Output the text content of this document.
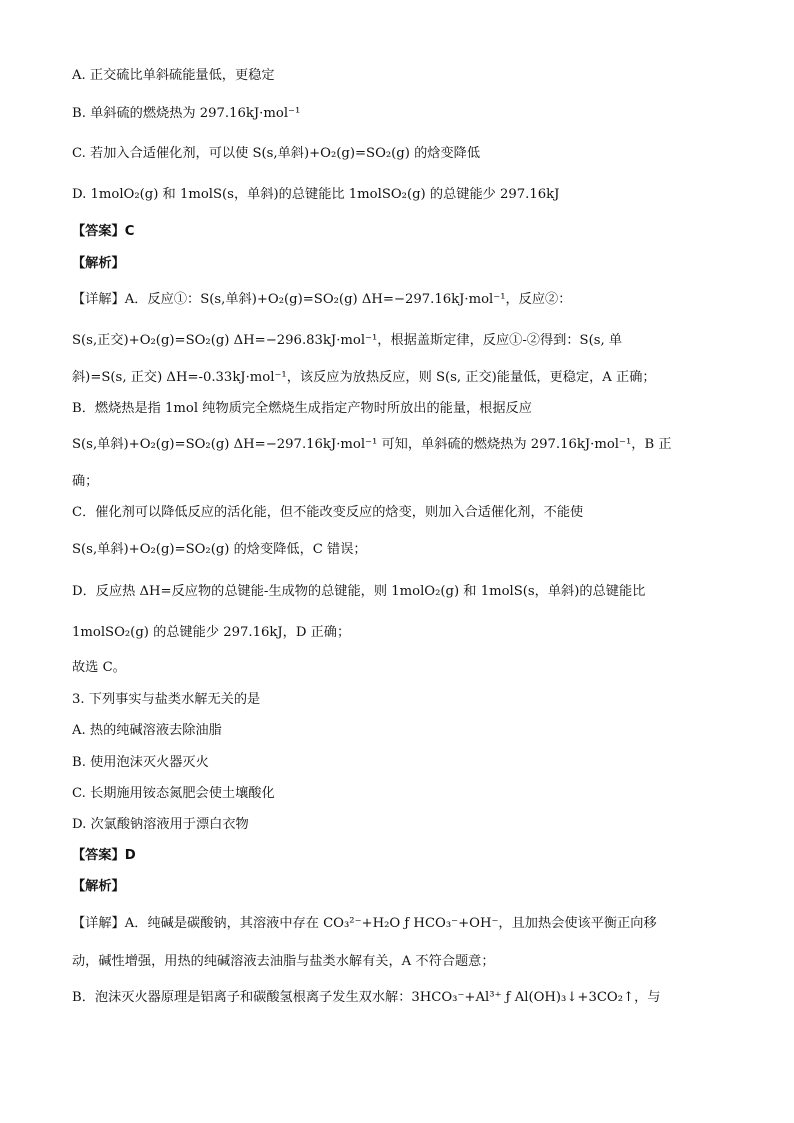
A. 正交硫比单斜硫能量低，更稳定
B. 单斜硫的燃烧热为 297.16kJ·mol⁻¹
C. 若加入合适催化剂，可以使 S(s,单斜)+O₂(g)=SO₂(g) 的焓变降低
D. 1molO₂(g) 和 1molS(s，单斜)的总键能比 1molSO₂(g) 的总键能少 297.16kJ
【答案】C
【解析】
【详解】A．反应①：S(s,单斜)+O₂(g)=SO₂(g) ΔH=−297.16kJ·mol⁻¹，反应②：
S(s,正交)+O₂(g)=SO₂(g) ΔH=−296.83kJ·mol⁻¹，根据盖斯定律，反应①-②得到：S(s, 单
斜)=S(s, 正交) ΔH=-0.33kJ·mol⁻¹，该反应为放热反应，则 S(s, 正交)能量低，更稳定，A 正确；
B．燃烧热是指 1mol 纯物质完全燃烧生成指定产物时所放出的能量，根据反应
S(s,单斜)+O₂(g)=SO₂(g) ΔH=−297.16kJ·mol⁻¹ 可知，单斜硫的燃烧热为 297.16kJ·mol⁻¹，B 正
确；
C．催化剂可以降低反应的活化能，但不能改变反应的焓变，则加入合适催化剂，不能使
S(s,单斜)+O₂(g)=SO₂(g) 的焓变降低，C 错误；
D．反应热 ΔH=反应物的总键能-生成物的总键能，则 1molO₂(g) 和 1molS(s，单斜)的总键能比
1molSO₂(g) 的总键能少 297.16kJ，D 正确；
故选 C。
3. 下列事实与盐类水解无关的是
A. 热的纯碱溶液去除油脂
B. 使用泡沫灭火器灭火
C. 长期施用铵态氮肥会使土壤酸化
D. 次氯酸钠溶液用于漂白衣物
【答案】D
【解析】
【详解】A．纯碱是碳酸钠，其溶液中存在 CO₃²⁻+H₂O ƒ HCO₃⁻+OH⁻，且加热会使该平衡正向移
动，碱性增强，用热的纯碱溶液去油脂与盐类水解有关，A 不符合题意；
B．泡沫灭火器原理是铝离子和碳酸氢根离子发生双水解：3HCO₃⁻+Al³⁺ ƒ Al(OH)₃↓+3CO₂↑，与
